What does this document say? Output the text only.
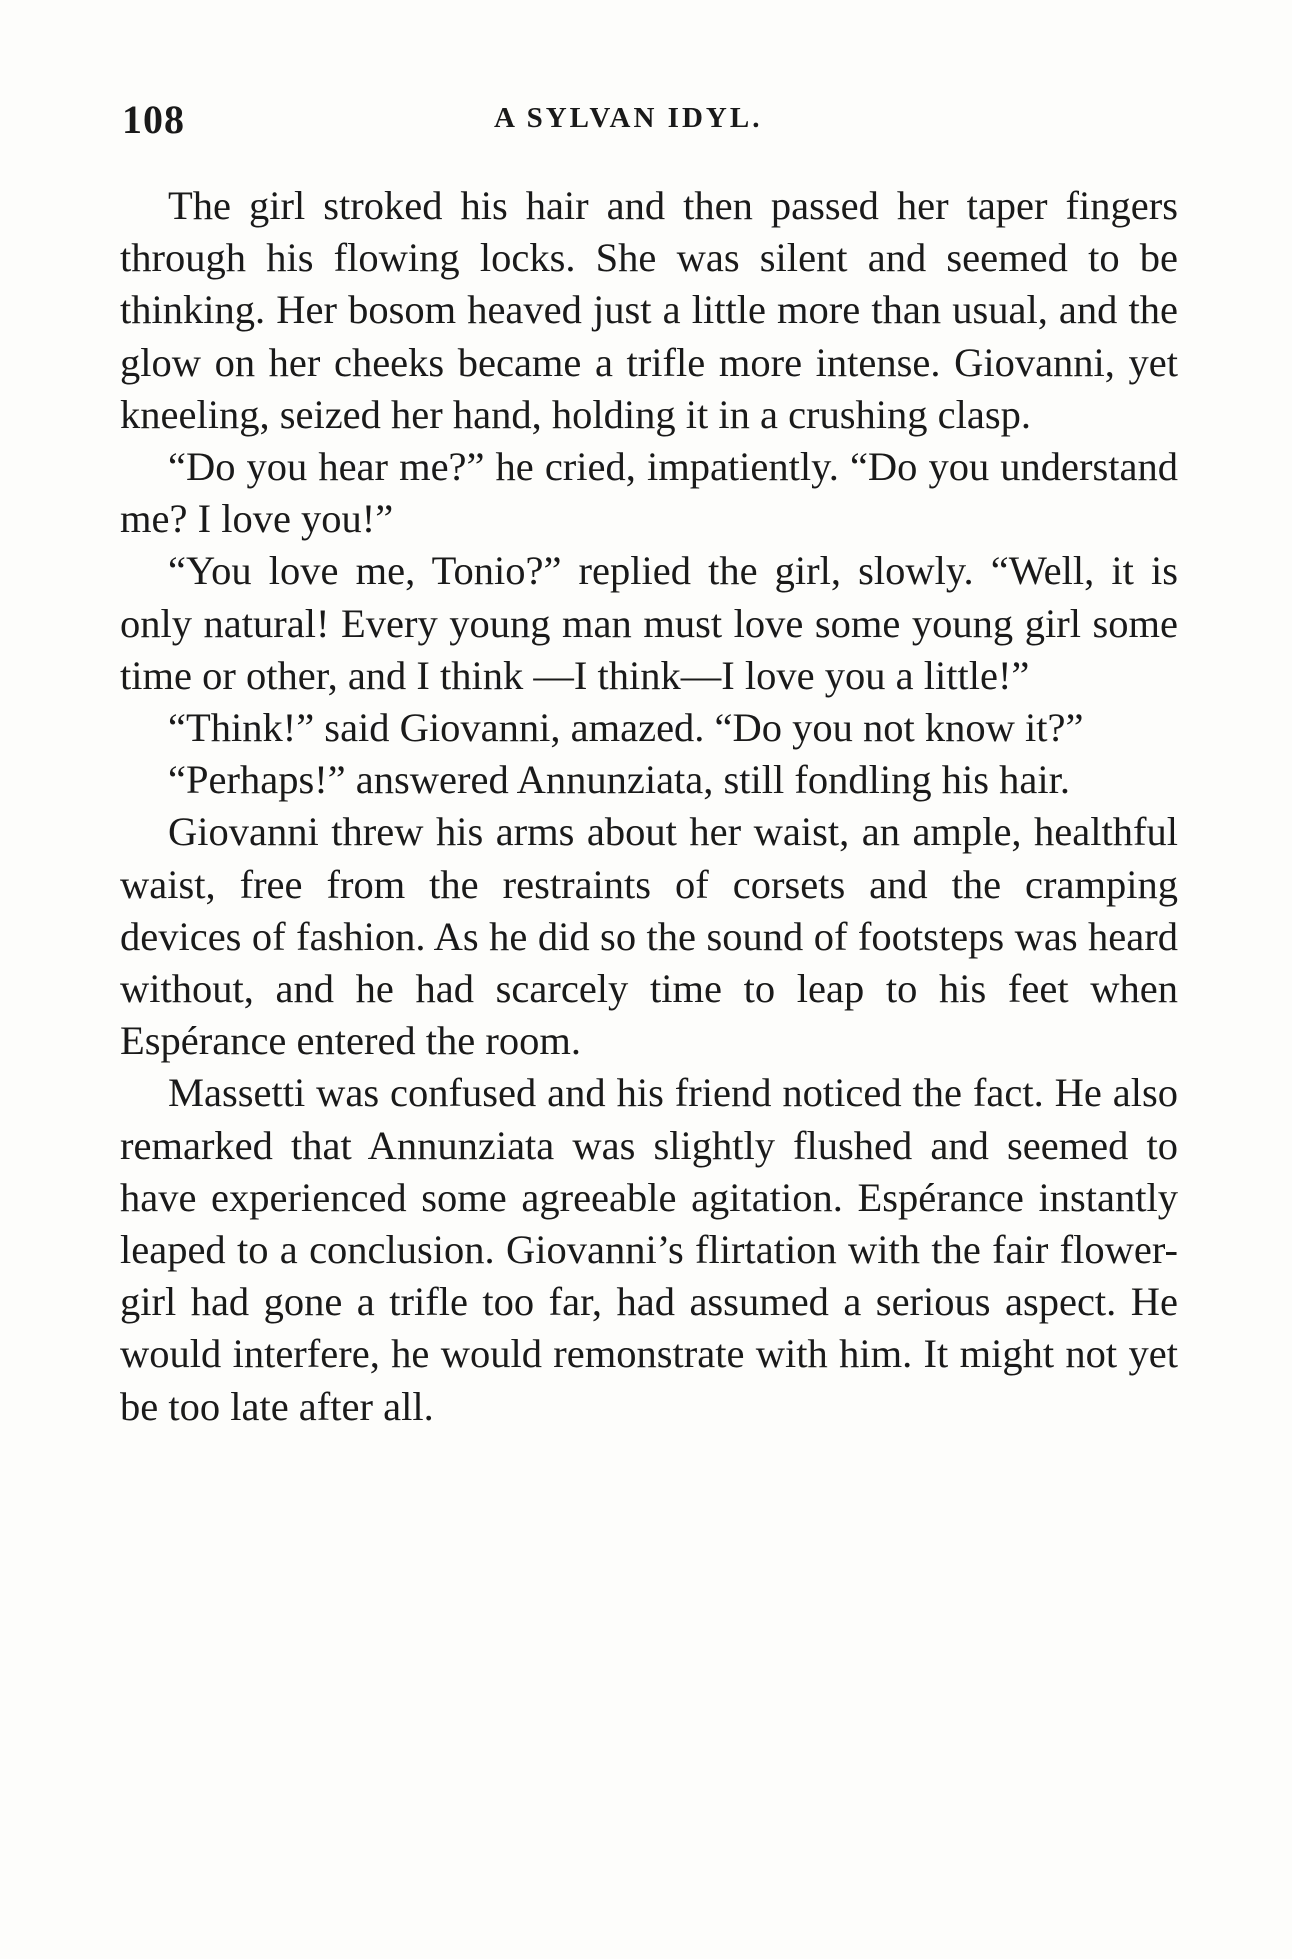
108	A SYLVAN IDYL.

The girl stroked his hair and then passed her taper fingers through his flowing locks. She was silent and seemed to be thinking. Her bosom heaved just a little more than usual, and the glow on her cheeks became a trifle more intense. Giovanni, yet kneeling, seized her hand, holding it in a crushing clasp.

“Do you hear me?” he cried, impatiently. “Do you understand me? I love you!”

“You love me, Tonio?” replied the girl, slowly. “Well, it is only natural! Every young man must love some young girl some time or other, and I think —I think—I love you a little!”

“Think!” said Giovanni, amazed. “Do you not know it?”

“Perhaps!” answered Annunziata, still fondling his hair.

Giovanni threw his arms about her waist, an ample, healthful waist, free from the restraints of corsets and the cramping devices of fashion. As he did so the sound of footsteps was heard without, and he had scarcely time to leap to his feet when Espérance entered the room.

Massetti was confused and his friend noticed the fact. He also remarked that Annunziata was slightly flushed and seemed to have experienced some agreeable agitation. Espérance instantly leaped to a conclusion. Giovanni’s flirtation with the fair flower-girl had gone a trifle too far, had assumed a serious aspect. He would interfere, he would remonstrate with him. It might not yet be too late after all.
